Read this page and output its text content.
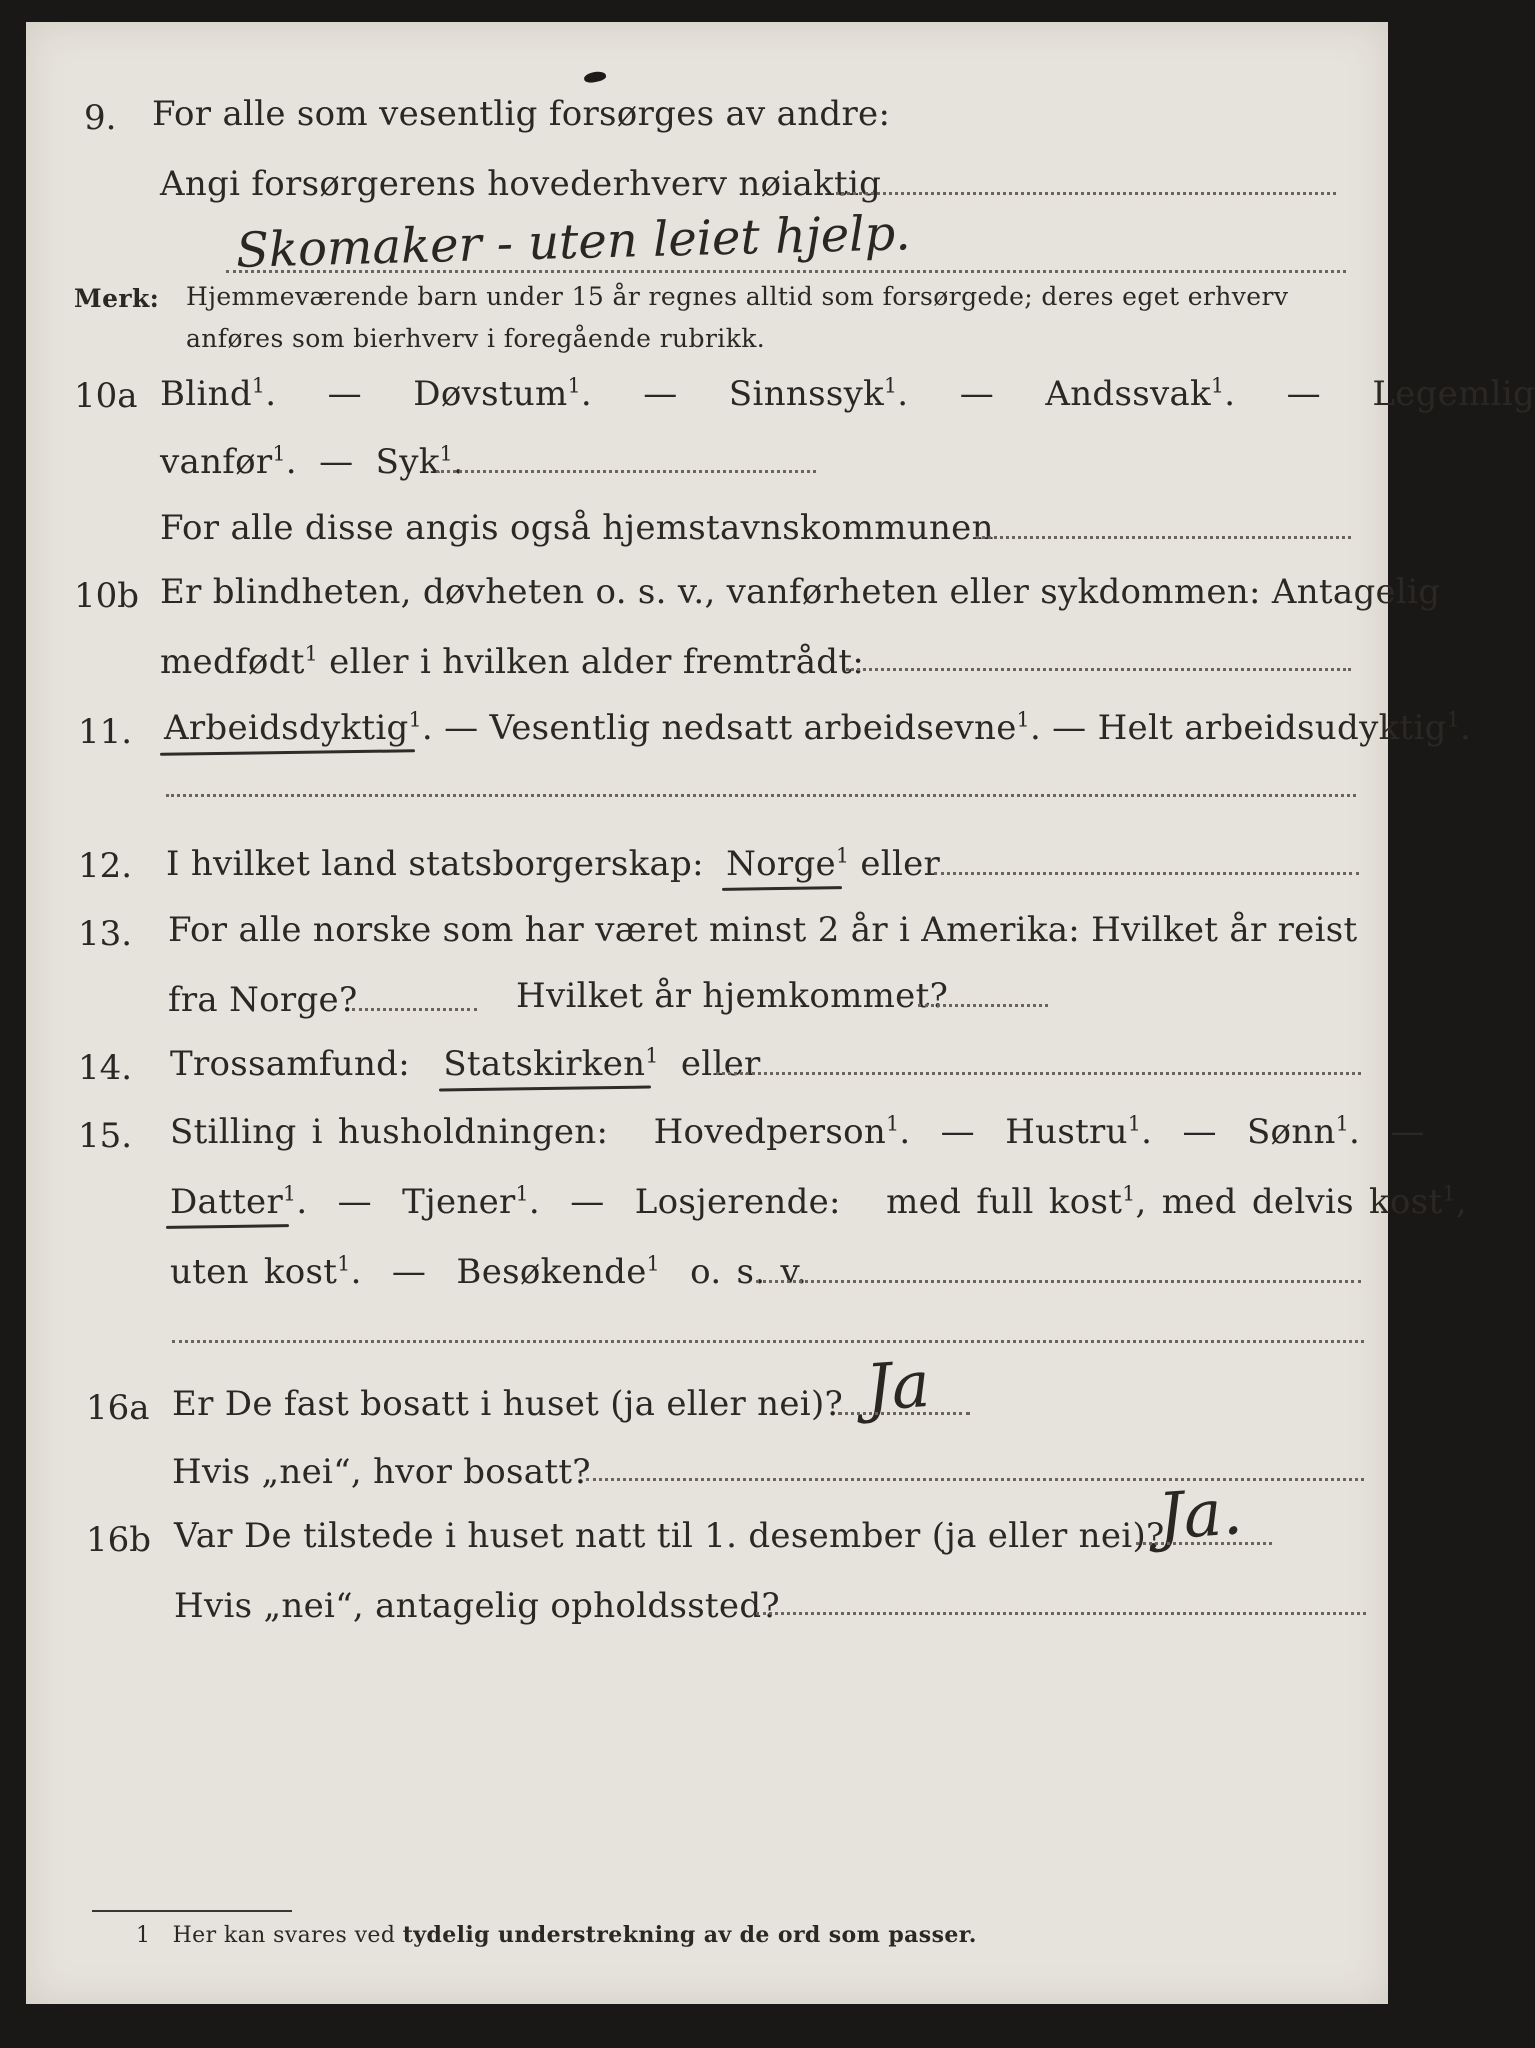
9. For alle som vesentlig forsørges av andre:
Angi forsørgerens hovederhverv nøiaktig
Skomaker - uten leiet hjelp.
Merk: Hjemmeværende barn under 15 år regnes alltid som forsørgede; deres eget erhverv
anføres som bierhverv i foregående rubrikk.
10a Blind$^1$.   — Døvstum$^1$.   — Sinnssyk$^1$.   — Andssvak$^1$.   — Legemlig
vanfør$^1$.  — Syk$^1$.
For alle disse angis også hjemstavnskommunen
10b Er blindheten, døvheten o. s. v., vanførheten eller sykdommen: Antagelig
medfødt$^1$ eller i hvilken alder fremtrådt:
11. Arbeidsdyktig$^1$. — Vesentlig nedsatt arbeidsevne$^1$. — Helt arbeidsudyktig$^1$.
12. I hvilket land statsborgerskap: Norge$^1$ eller
13. For alle norske som har været minst 2 år i Amerika: Hvilket år reist
fra Norge?	Hvilket år hjemkommet?
14. Trossamfund: Statskirken$^1$ eller
15. Stilling i husholdningen: Hovedperson$^1$.  — Hustru$^1$.  — Sønn$^1$.  —
Datter$^1$.  — Tjener$^1$.  — Losjerende: med full kost$^1$, med delvis kost$^1$,
uten kost$^1$.  — Besøkende$^1$ o. s. v.
16a Er De fast bosatt i huset (ja eller nei)? Ja
Hvis „nei“, hvor bosatt?
16b Var De tilstede i huset natt til 1. desember (ja eller nei)?
Ja.
Hvis „nei“, antagelig opholdssted?
1 Her kan svares ved tydelig understrekning av de ord som passer.
